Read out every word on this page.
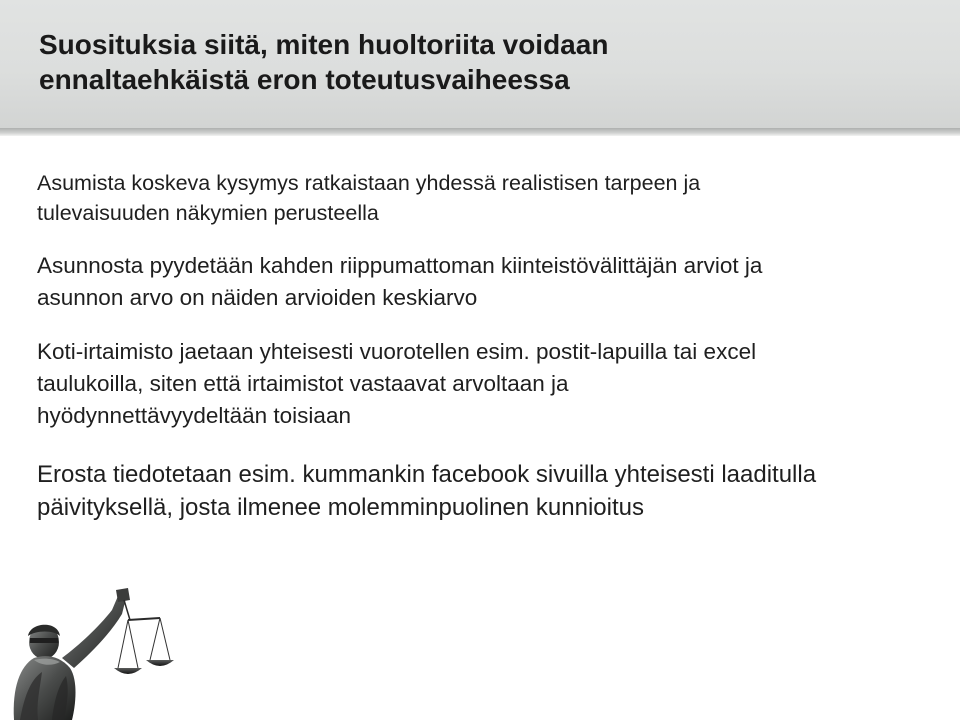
Suosituksia siitä, miten huoltoriita voidaan
ennaltaehkäistä eron toteutusvaiheessa

Asumista koskeva kysymys ratkaistaan yhdessä realistisen tarpeen ja
tulevaisuuden näkymien perusteella

Asunnosta pyydetään kahden riippumattoman kiinteistövälittäjän arviot ja
asunnon arvo on näiden arvioiden keskiarvo

Koti-irtaimisto jaetaan yhteisesti vuorotellen esim. postit-lapuilla tai excel
taulukoilla, siten että irtaimistot vastaavat arvoltaan ja
hyödynnettävyydeltään toisiaan

Erosta tiedotetaan esim. kummankin facebook sivuilla yhteisesti laaditulla
päivityksellä, josta ilmenee molemminpuolinen kunnioitus
